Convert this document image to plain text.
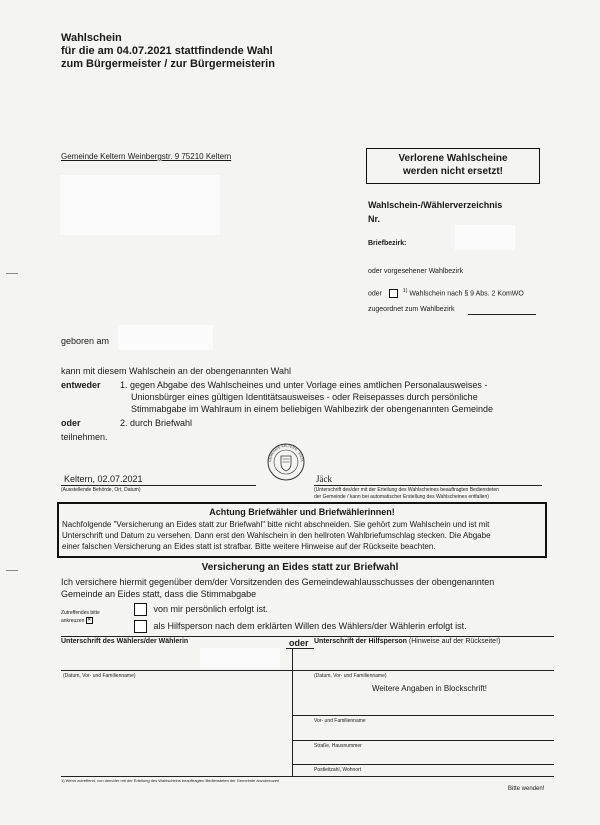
Wahlschein
für die am 04.07.2021 stattfindende Wahl
zum Bürgermeister / zur Bürgermeisterin
Gemeinde Keltern Weinbergstr. 9 75210 Keltern	Verlorene Wahlscheine
werden nicht ersetzt!
Wahlschein-/Wählerverzeichnis
Nr.
Briefbezirk:
oder vorgesehener Wahlbezirk
oder	$^{1)}$ Wahlschein nach § 9 Abs. 2 KomWO
zugeordnet zum Wahlbezirk
geboren am
kann mit diesem Wahlschein an der obengenannten Wahl
entweder 1. gegen Abgabe des Wahlscheines und unter Vorlage eines amtlichen Personalausweises -
Unionsbürger eines gültigen Identitätsausweises - oder Reisepasses durch persönliche
Stimmabgabe im Wahlraum in einem beliebigen Wahlbezirk der obengenannten Gemeinde
oder	2. durch Briefwahl
teilnehmen.
GEMEINDE KELTERN · ENZK
Keltern, 02.07.2021
(Ausstellende Behörde, Ort, Datum)
Jäck
(Unterschrift des/der mit der Erteilung des Wahlscheines beauftragten Bediensteten
der Gemeinde / kann bei automatischer Erstellung des Wahlscheines entfallen)
Achtung Briefwähler und Briefwählerinnen!
Nachfolgende "Versicherung an Eides statt zur Briefwahl" bitte nicht abschneiden. Sie gehört zum Wahlschein und ist mit
Unterschrift und Datum zu versehen. Dann erst den Wahlschein in den hellroten Wahlbriefumschlag stecken. Die Abgabe
einer falschen Versicherung an Eides statt ist strafbar. Bitte weitere Hinweise auf der Rückseite beachten.
Versicherung an Eides statt zur Briefwahl
Ich versichere hiermit gegenüber dem/der Vorsitzenden des Gemeindewahlausschusses der obengenannten
Gemeinde an Eides statt, dass die Stimmabgabe
Zutreffendes bitte
ankreuzen ✕
von mir persönlich erfolgt ist.
als Hilfsperson nach dem erklärten Willen des Wählers/der Wählerin erfolgt ist.
Unterschrift des Wählers/der Wählerin	oder Unterschrift der Hilfsperson (Hinweise auf der Rückseite!)
(Datum, Vor- und Familienname)	(Datum, Vor- und Familienname)
Weitere Angaben in Blockschrift!
Vor- und Familienname
Straße, Hausnummer
Postleitzahl, Wohnort
1) Wenn zutreffend, von dem/der mit der Erteilung des Wahlscheins beauftragten Bediensteten der Gemeinde anzukreuzen
Bitte wenden!
